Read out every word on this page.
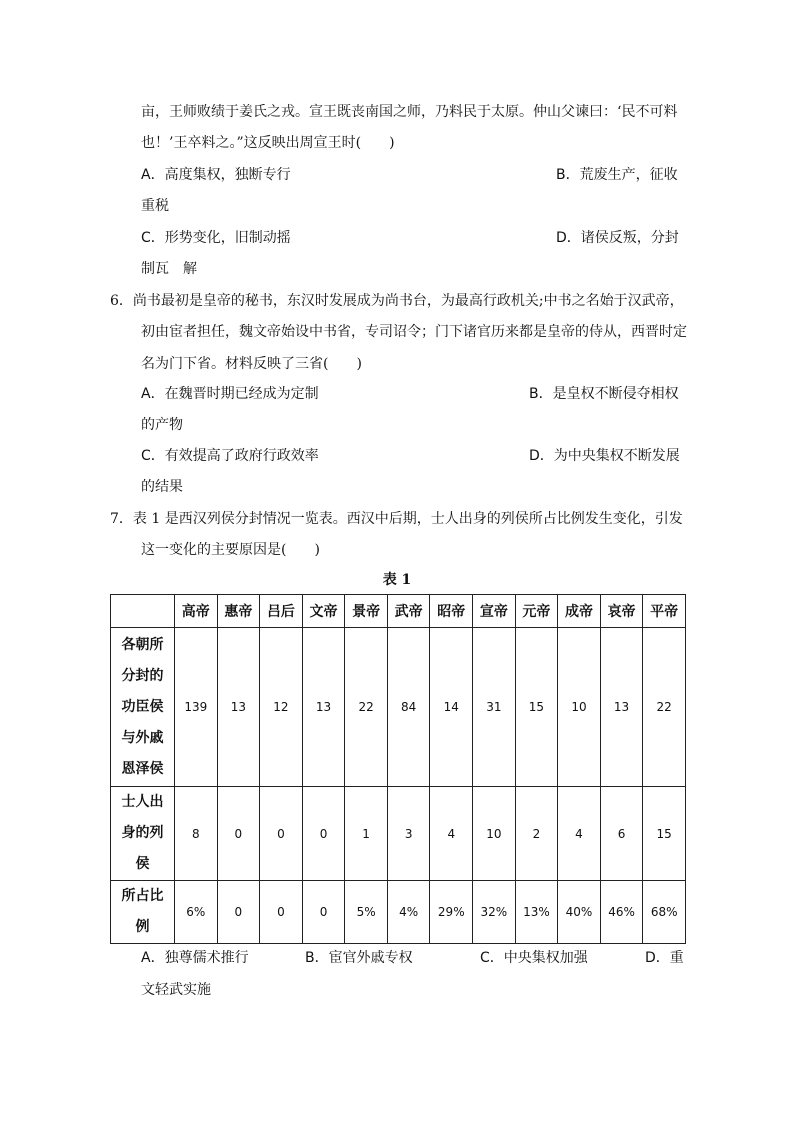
亩，王师败绩于姜氏之戎。宣王既丧南国之师，乃料民于太原。仲山父谏曰：‘民不可料
也！’王卒料之。”这反映出周宣王时(　　)
A．高度集权，独断专行	B．荒废生产，征收
重税
C．形势变化，旧制动摇	D．诸侯反叛，分封
制瓦　解
6．尚书最初是皇帝的秘书，东汉时发展成为尚书台，为最高行政机关;中书之名始于汉武帝，
初由宦者担任，魏文帝始设中书省，专司诏令；门下诸官历来都是皇帝的侍从，西晋时定
名为门下省。材料反映了三省(　　)
A．在魏晋时期已经成为定制	B．是皇权不断侵夺相权
的产物
C．有效提高了政府行政效率	D．为中央集权不断发展
的结果
7．表 1 是西汉列侯分封情况一览表。西汉中后期，士人出身的列侯所占比例发生变化，引发
这一变化的主要原因是(　　)
表 1
	高帝	惠帝	吕后	文帝	景帝	武帝	昭帝	宣帝	元帝	成帝	哀帝	平帝
各朝所
分封的
功臣侯
与外戚
恩泽侯	139	13	12	13	22	84	14	31	15	10	13	22
士人出
身的列
侯	8	0	0	0	1	3	4	10	2	4	6	15
所占比
例	6%	0	0	0	5%	4%	29%	32%	13%	40%	46%	68%
A．独尊儒术推行	B．宦官外戚专权	C．中央集权加强	D．重
文轻武实施
